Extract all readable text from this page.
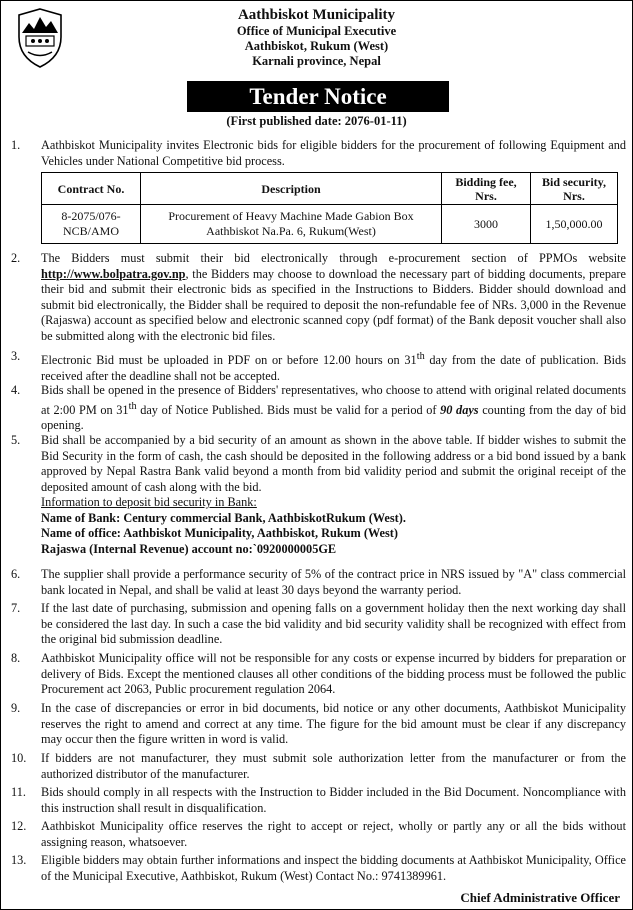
Aathbiskot Municipality
Office of Municipal Executive
Aathbiskot, Rukum (West)
Karnali province, Nepal
Tender Notice
(First published date: 2076-01-11)
1.	Aathbiskot Municipality invites Electronic bids for eligible bidders for the procurement of following Equipment and Vehicles under National Competitive bid process.
Contract No.	Description	Bidding fee, Nrs.	Bid security, Nrs.
8-2075/076-NCB/AMO	Procurement of Heavy Machine Made Gabion Box Aathbiskot Na.Pa. 6, Rukum(West)	3000	1,50,000.00
2.	The Bidders must submit their bid electronically through e-procurement section of PPMOs website http://www.bolpatra.gov.np, the Bidders may choose to download the necessary part of bidding documents, prepare their bid and submit their electronic bids as specified in the Instructions to Bidders. Bidder should download and submit bid electronically, the Bidder shall be required to deposit the non-refundable fee of NRs. 3,000 in the Revenue (Rajaswa) account as specified below and electronic scanned copy (pdf format) of the Bank deposit voucher shall also be submitted along with the electronic bid files.
3.	Electronic Bid must be uploaded in PDF on or before 12.00 hours on 31th day from the date of publication. Bids received after the deadline shall not be accepted.
4.	Bids shall be opened in the presence of Bidders' representatives, who choose to attend with original related documents at 2:00 PM on 31th day of Notice Published. Bids must be valid for a period of 90 days counting from the day of bid opening.
5.	Bid shall be accompanied by a bid security of an amount as shown in the above table. If bidder wishes to submit the Bid Security in the form of cash, the cash should be deposited in the following address or a bid bond issued by a bank approved by Nepal Rastra Bank valid beyond a month from bid validity period and submit the original receipt of the deposited amount of cash along with the bid.
Information to deposit bid security in Bank:
Name of Bank: Century commercial Bank, AathbiskotRukum (West).
Name of office: Aathbiskot Municipality, Aathbiskot, Rukum (West)
Rajaswa (Internal Revenue) account no:`0920000005GE
6.	The supplier shall provide a performance security of 5% of the contract price in NRS issued by "A" class commercial bank located in Nepal, and shall be valid at least 30 days beyond the warranty period.
7.	If the last date of purchasing, submission and opening falls on a government holiday then the next working day shall be considered the last day. In such a case the bid validity and bid security validity shall be recognized with effect from the original bid submission deadline.
8.	Aathbiskot Municipality office will not be responsible for any costs or expense incurred by bidders for preparation or delivery of Bids. Except the mentioned clauses all other conditions of the bidding process must be followed the public Procurement act 2063, Public procurement regulation 2064.
9.	In the case of discrepancies or error in bid documents, bid notice or any other documents, Aathbiskot Municipality reserves the right to amend and correct at any time. The figure for the bid amount must be clear if any discrepancy may occur then the figure written in word is valid.
10.	If bidders are not manufacturer, they must submit sole authorization letter from the manufacturer or from the authorized distributor of the manufacturer.
11.	Bids should comply in all respects with the Instruction to Bidder included in the Bid Document. Noncompliance with this instruction shall result in disqualification.
12.	Aathbiskot Municipality office reserves the right to accept or reject, wholly or partly any or all the bids without assigning reason, whatsoever.
13.	Eligible bidders may obtain further informations and inspect the bidding documents at Aathbiskot Municipality, Office of the Municipal Executive, Aathbiskot, Rukum (West) Contact No.: 9741389961.
Chief Administrative Officer
